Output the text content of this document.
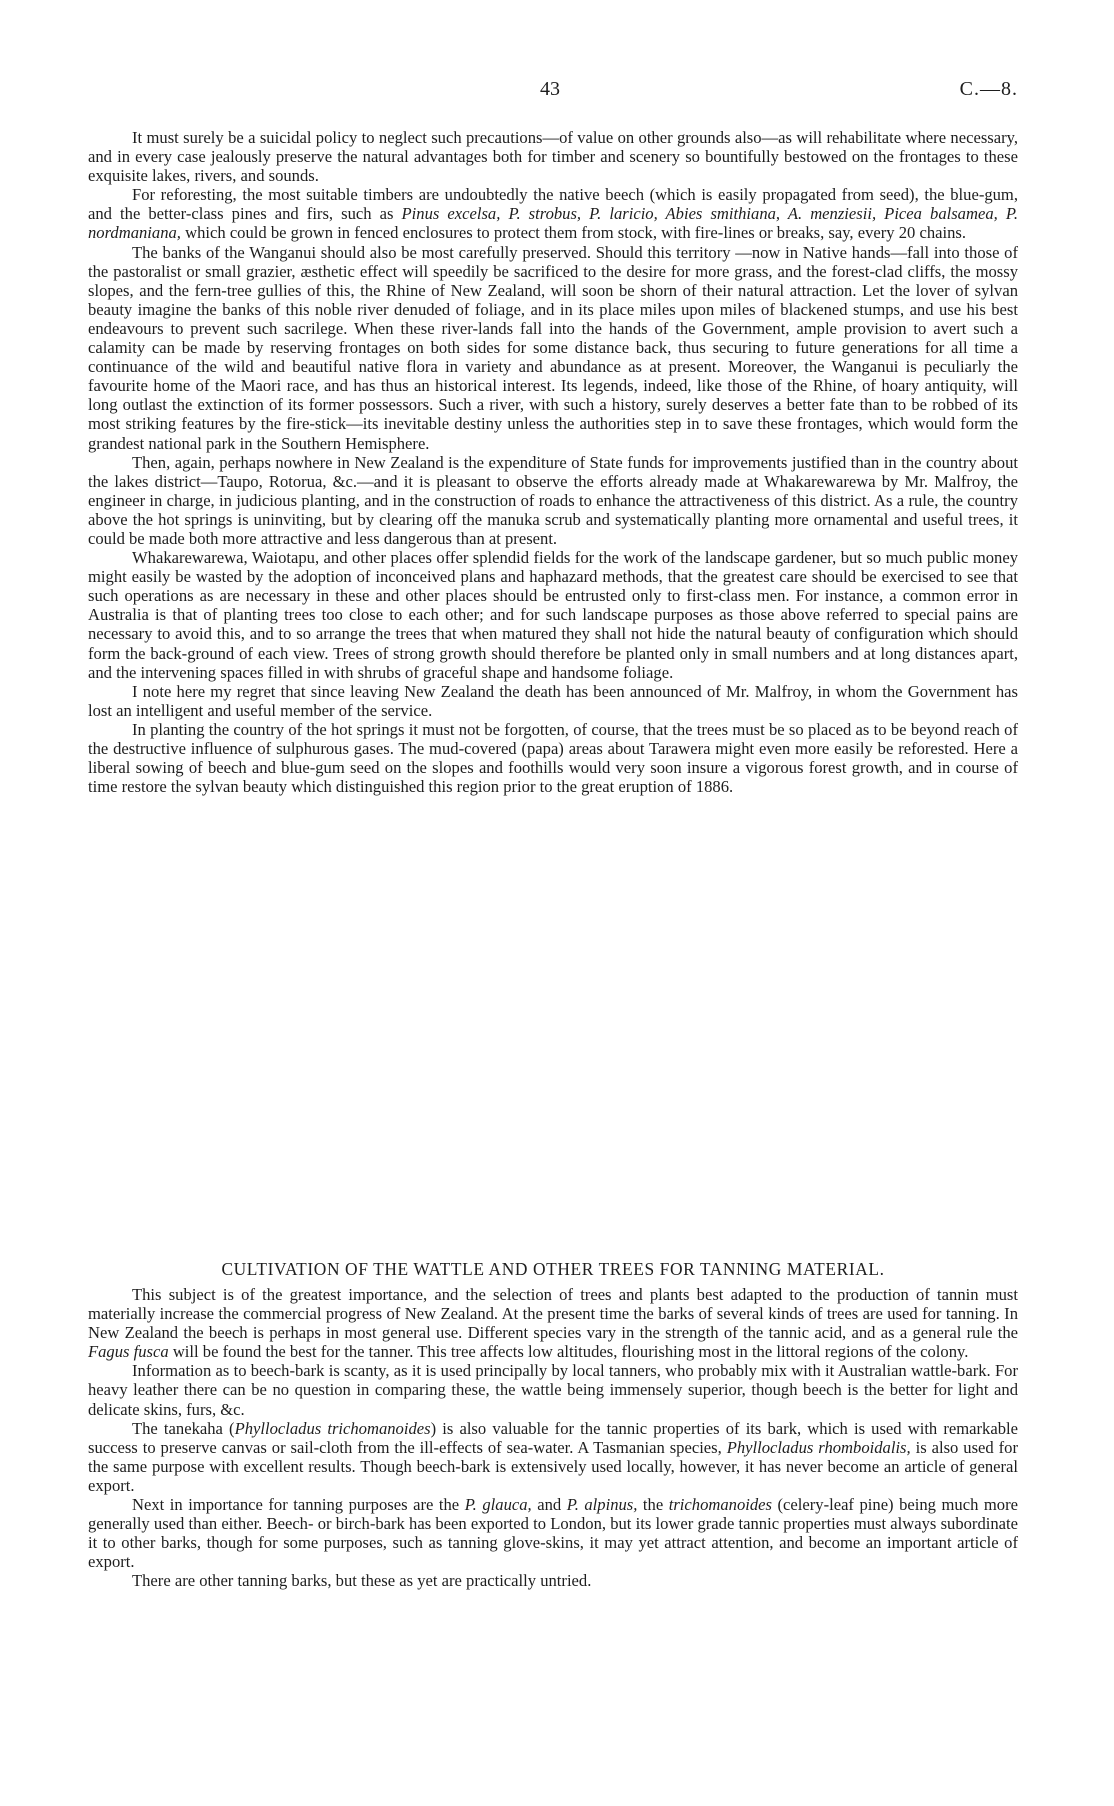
43	C.—8.

It must surely be a suicidal policy to neglect such precautions—of value on other grounds also—as will rehabilitate where necessary, and in every case jealously preserve the natural advantages both for timber and scenery so bountifully bestowed on the frontages to these exquisite lakes, rivers, and sounds.

For reforesting, the most suitable timbers are undoubtedly the native beech (which is easily propagated from seed), the blue-gum, and the better-class pines and firs, such as Pinus excelsa, P. strobus, P. laricio, Abies smithiana, A. menziesii, Picea balsamea, P. nordmaniana, which could be grown in fenced enclosures to protect them from stock, with fire-lines or breaks, say, every 20 chains.

The banks of the Wanganui should also be most carefully preserved. Should this territory —now in Native hands—fall into those of the pastoralist or small grazier, æsthetic effect will speedily be sacrificed to the desire for more grass, and the forest-clad cliffs, the mossy slopes, and the fern-tree gullies of this, the Rhine of New Zealand, will soon be shorn of their natural attraction. Let the lover of sylvan beauty imagine the banks of this noble river denuded of foliage, and in its place miles upon miles of blackened stumps, and use his best endeavours to prevent such sacrilege. When these river-lands fall into the hands of the Government, ample provision to avert such a calamity can be made by reserving frontages on both sides for some distance back, thus securing to future generations for all time a continuance of the wild and beautiful native flora in variety and abundance as at present. Moreover, the Wanganui is peculiarly the favourite home of the Maori race, and has thus an historical interest. Its legends, indeed, like those of the Rhine, of hoary antiquity, will long outlast the extinction of its former possessors. Such a river, with such a history, surely deserves a better fate than to be robbed of its most striking features by the fire-stick—its inevitable destiny unless the authorities step in to save these frontages, which would form the grandest national park in the Southern Hemisphere.

Then, again, perhaps nowhere in New Zealand is the expenditure of State funds for improvements justified than in the country about the lakes district—Taupo, Rotorua, &c.—and it is pleasant to observe the efforts already made at Whakarewarewa by Mr. Malfroy, the engineer in charge, in judicious planting, and in the construction of roads to enhance the attractiveness of this district. As a rule, the country above the hot springs is uninviting, but by clearing off the manuka scrub and systematically planting more ornamental and useful trees, it could be made both more attractive and less dangerous than at present.

Whakarewarewa, Waiotapu, and other places offer splendid fields for the work of the landscape gardener, but so much public money might easily be wasted by the adoption of inconceived plans and haphazard methods, that the greatest care should be exercised to see that such operations as are necessary in these and other places should be entrusted only to first-class men. For instance, a common error in Australia is that of planting trees too close to each other; and for such landscape purposes as those above referred to special pains are necessary to avoid this, and to so arrange the trees that when matured they shall not hide the natural beauty of configuration which should form the back-ground of each view. Trees of strong growth should therefore be planted only in small numbers and at long distances apart, and the intervening spaces filled in with shrubs of graceful shape and handsome foliage.

I note here my regret that since leaving New Zealand the death has been announced of Mr. Malfroy, in whom the Government has lost an intelligent and useful member of the service.

In planting the country of the hot springs it must not be forgotten, of course, that the trees must be so placed as to be beyond reach of the destructive influence of sulphurous gases. The mud-covered (papa) areas about Tarawera might even more easily be reforested. Here a liberal sowing of beech and blue-gum seed on the slopes and foothills would very soon insure a vigorous forest growth, and in course of time restore the sylvan beauty which distinguished this region prior to the great eruption of 1886.

CULTIVATION OF THE WATTLE AND OTHER TREES FOR TANNING MATERIAL.

This subject is of the greatest importance, and the selection of trees and plants best adapted to the production of tannin must materially increase the commercial progress of New Zealand. At the present time the barks of several kinds of trees are used for tanning. In New Zealand the beech is perhaps in most general use. Different species vary in the strength of the tannic acid, and as a general rule the Fagus fusca will be found the best for the tanner. This tree affects low altitudes, flourishing most in the littoral regions of the colony.

Information as to beech-bark is scanty, as it is used principally by local tanners, who probably mix with it Australian wattle-bark. For heavy leather there can be no question in comparing these, the wattle being immensely superior, though beech is the better for light and delicate skins, furs, &c.

The tanekaha (Phyllocladus trichomanoides) is also valuable for the tannic properties of its bark, which is used with remarkable success to preserve canvas or sail-cloth from the ill-effects of sea-water. A Tasmanian species, Phyllocladus rhomboidalis, is also used for the same purpose with excellent results. Though beech-bark is extensively used locally, however, it has never become an article of general export.

Next in importance for tanning purposes are the P. glauca, and P. alpinus, the trichomanoides (celery-leaf pine) being much more generally used than either. Beech- or birch-bark has been exported to London, but its lower grade tannic properties must always subordinate it to other barks, though for some purposes, such as tanning glove-skins, it may yet attract attention, and become an important article of export.

There are other tanning barks, but these as yet are practically untried.
